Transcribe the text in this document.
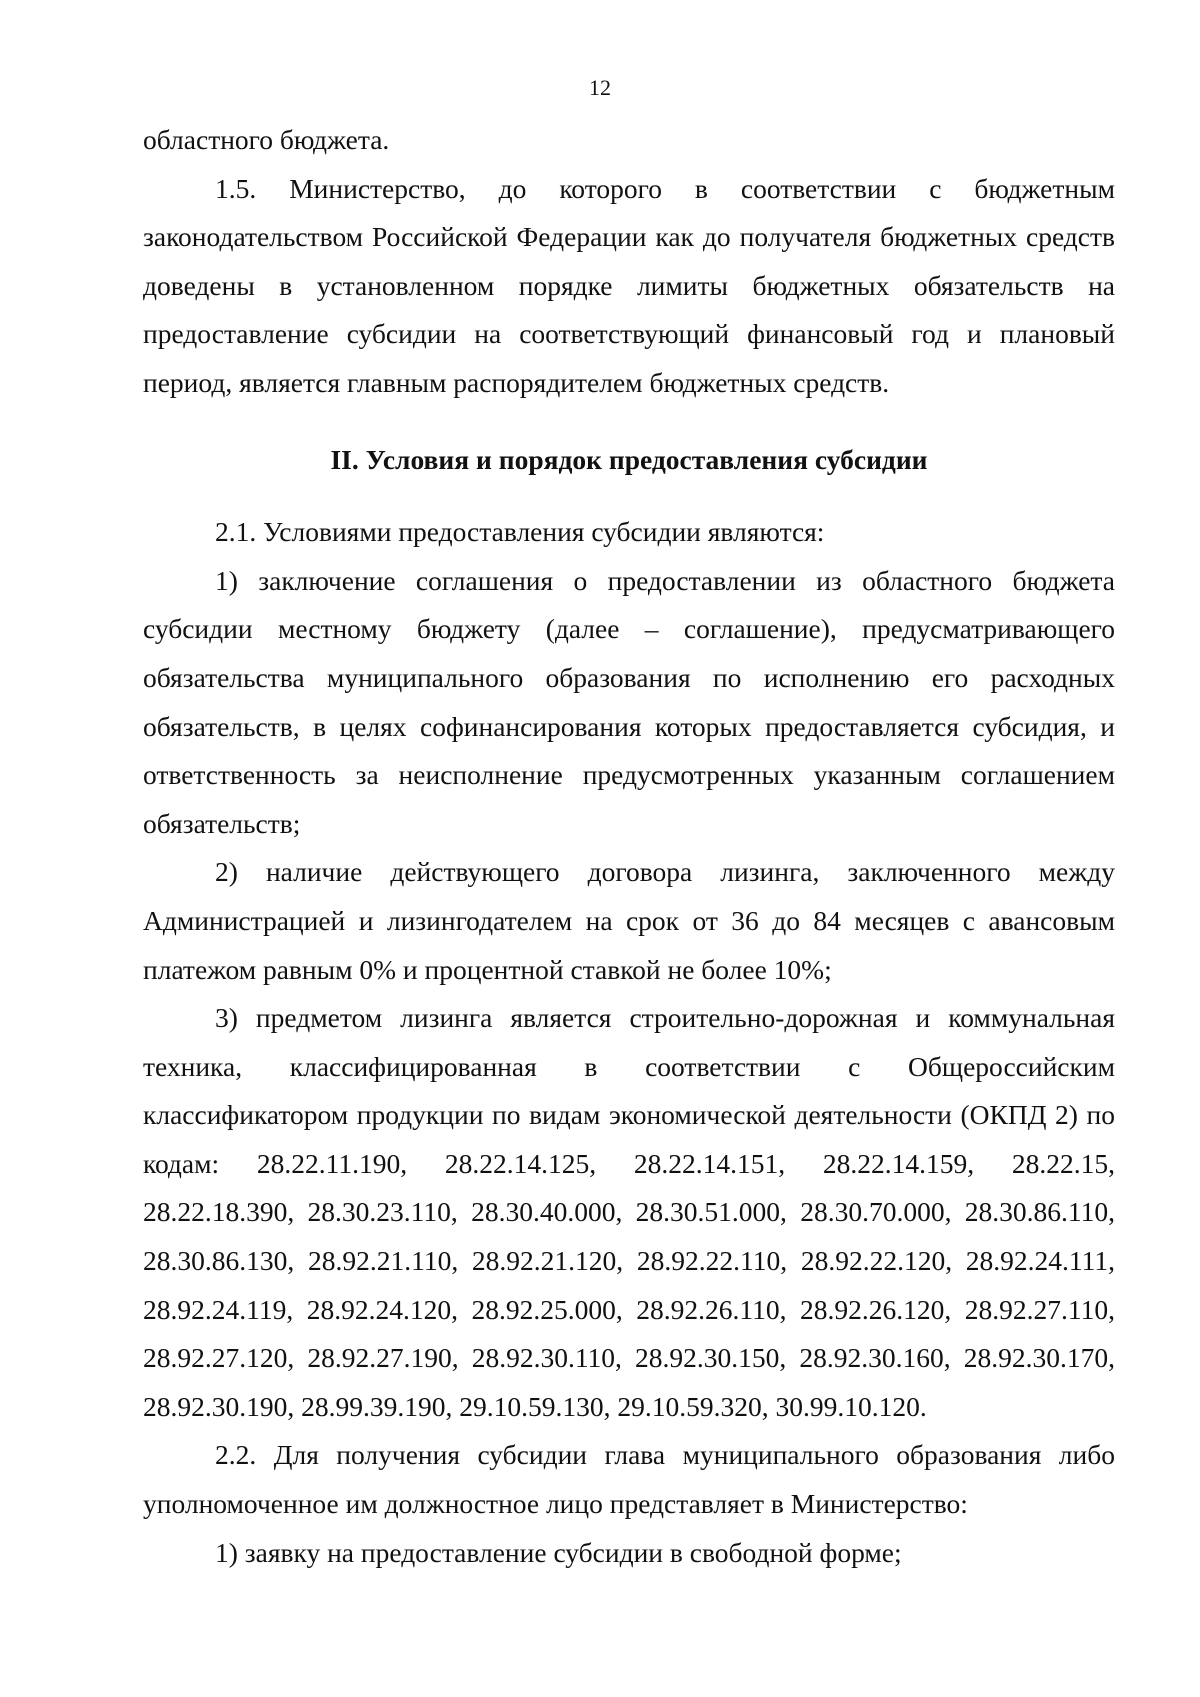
12

областного бюджета.

1.5. Министерство, до которого в соответствии с бюджетным законодательством Российской Федерации как до получателя бюджетных средств доведены в установленном порядке лимиты бюджетных обязательств на предоставление субсидии на соответствующий финансовый год и плановый период, является главным распорядителем бюджетных средств.

II. Условия и порядок предоставления субсидии

2.1. Условиями предоставления субсидии являются:

1) заключение соглашения о предоставлении из областного бюджета субсидии местному бюджету (далее – соглашение), предусматривающего обязательства муниципального образования по исполнению его расходных обязательств, в целях софинансирования которых предоставляется субсидия, и ответственность за неисполнение предусмотренных указанным соглашением обязательств;

2) наличие действующего договора лизинга, заключенного между Администрацией и лизингодателем на срок от 36 до 84 месяцев с авансовым платежом равным 0% и процентной ставкой не более 10%;

3) предметом лизинга является строительно-дорожная и коммунальная техника, классифицированная в соответствии с Общероссийским классификатором продукции по видам экономической деятельности (ОКПД 2) по кодам: 28.22.11.190, 28.22.14.125, 28.22.14.151, 28.22.14.159, 28.22.15, 28.22.18.390, 28.30.23.110, 28.30.40.000, 28.30.51.000, 28.30.70.000, 28.30.86.110, 28.30.86.130, 28.92.21.110, 28.92.21.120, 28.92.22.110, 28.92.22.120, 28.92.24.111, 28.92.24.119, 28.92.24.120, 28.92.25.000, 28.92.26.110, 28.92.26.120, 28.92.27.110, 28.92.27.120, 28.92.27.190, 28.92.30.110, 28.92.30.150, 28.92.30.160, 28.92.30.170, 28.92.30.190, 28.99.39.190, 29.10.59.130, 29.10.59.320, 30.99.10.120.

2.2. Для получения субсидии глава муниципального образования либо уполномоченное им должностное лицо представляет в Министерство:

1) заявку на предоставление субсидии в свободной форме;
